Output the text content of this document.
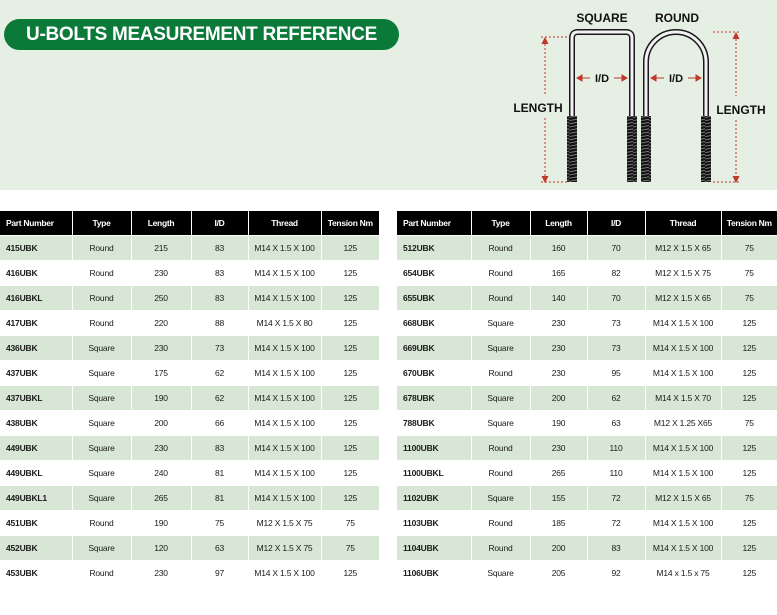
U-BOLTS MEASUREMENT REFERENCE
SQUARE ROUND
I/D	I/D
LENGTH	LENGTH
Part Number	Type	Length	I/D	Thread	Tension Nm
415UBK	Round	215	83	M14 X 1.5 X 100	125
416UBK	Round	230	83	M14 X 1.5 X 100	125
416UBKL	Round	250	83	M14 X 1.5 X 100	125
417UBK	Round	220	88	M14 X 1.5 X 80	125
436UBK	Square	230	73	M14 X 1.5 X 100	125
437UBK	Square	175	62	M14 X 1.5 X 100	125
437UBKL	Square	190	62	M14 X 1.5 X 100	125
438UBK	Square	200	66	M14 X 1.5 X 100	125
449UBK	Square	230	83	M14 X 1.5 X 100	125
449UBKL	Square	240	81	M14 X 1.5 X 100	125
449UBKL1	Square	265	81	M14 X 1.5 X 100	125
451UBK	Round	190	75	M12 X 1.5 X 75	75
452UBK	Square	120	63	M12 X 1.5 X 75	75
453UBK	Round	230	97	M14 X 1.5 X 100	125
Part Number	Type	Length	I/D	Thread	Tension Nm
512UBK	Round	160	70	M12 X 1.5 X 65	75
654UBK	Round	165	82	M12 X 1.5 X 75	75
655UBK	Round	140	70	M12 X 1.5 X 65	75
668UBK	Square	230	73	M14 X 1.5 X 100	125
669UBK	Square	230	73	M14 X 1.5 X 100	125
670UBK	Round	230	95	M14 X 1.5 X 100	125
678UBK	Square	200	62	M14 X 1.5 X 70	125
788UBK	Square	190	63	M12 X 1.25 X65	75
1100UBK	Round	230	110	M14 X 1.5 X 100	125
1100UBKL	Round	265	110	M14 X 1.5 X 100	125
1102UBK	Square	155	72	M12 X 1.5 X 65	75
1103UBK	Round	185	72	M14 X 1.5 X 100	125
1104UBK	Round	200	83	M14 X 1.5 X 100	125
1106UBK	Square	205	92	M14 x 1.5 x 75	125
